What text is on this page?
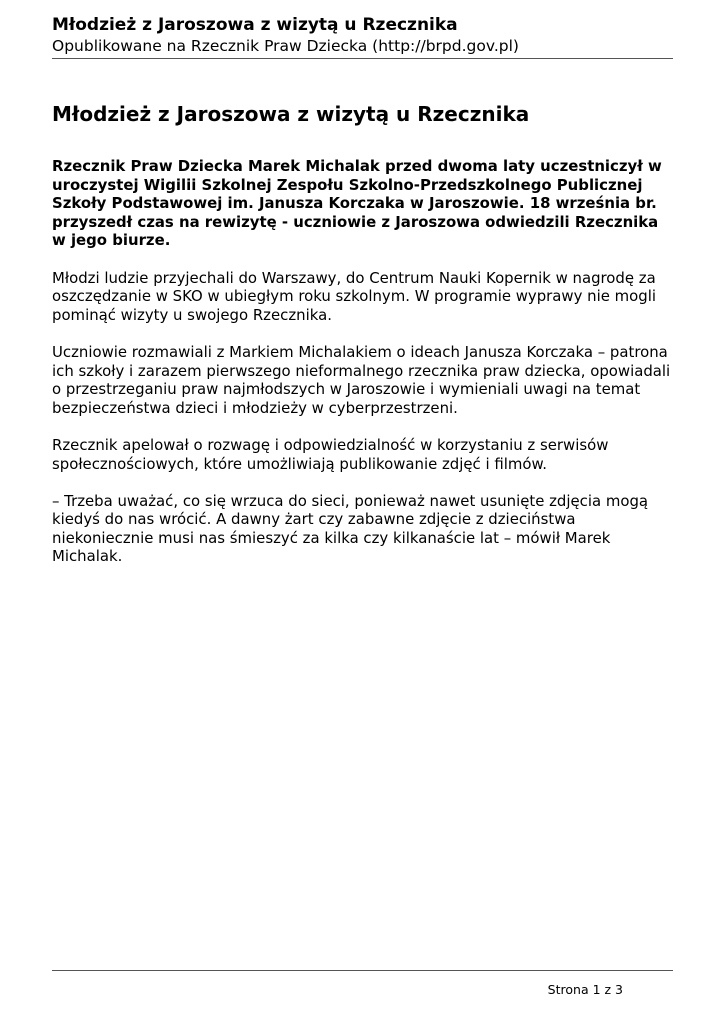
Młodzież z Jaroszowa z wizytą u Rzecznika

Opublikowane na Rzecznik Praw Dziecka (http://brpd.gov.pl)

Młodzież z Jaroszowa z wizytą u Rzecznika

Rzecznik Praw Dziecka Marek Michalak przed dwoma laty uczestniczył w uroczystej Wigilii Szkolnej Zespołu Szkolno-Przedszkolnego Publicznej Szkoły Podstawowej im. Janusza Korczaka w Jaroszowie. 18 września br. przyszedł czas na rewizytę - uczniowie z Jaroszowa odwiedzili Rzecznika w jego biurze.

Młodzi ludzie przyjechali do Warszawy, do Centrum Nauki Kopernik w nagrodę za oszczędzanie w SKO w ubiegłym roku szkolnym. W programie wyprawy nie mogli pominąć wizyty u swojego Rzecznika.

Uczniowie rozmawiali z Markiem Michalakiem o ideach Janusza Korczaka – patrona ich szkoły i zarazem pierwszego nieformalnego rzecznika praw dziecka, opowiadali o przestrzeganiu praw najmłodszych w Jaroszowie i wymieniali uwagi na temat bezpieczeństwa dzieci i młodzieży w cyberprzestrzeni.

Rzecznik apelował o rozwagę i odpowiedzialność w korzystaniu z serwisów społecznościowych, które umożliwiają publikowanie zdjęć i filmów.

– Trzeba uważać, co się wrzuca do sieci, ponieważ nawet usunięte zdjęcia mogą kiedyś do nas wrócić. A dawny żart czy zabawne zdjęcie z dzieciństwa niekoniecznie musi nas śmieszyć za kilka czy kilkanaście lat – mówił Marek Michalak.

Strona 1 z 3
